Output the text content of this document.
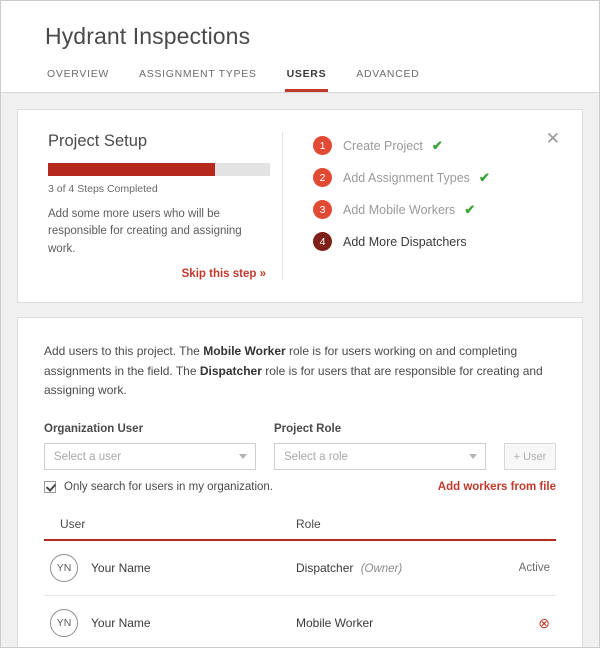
Hydrant Inspections
OVERVIEW	ASSIGNMENT TYPES	USERS	ADVANCED
Project Setup
3 of 4 Steps Completed

Add some more users who will be responsible for creating and assigning work.

Skip this step »
1	Create Project ✔
2	Add Assignment Types ✔
3	Add Mobile Workers ✔
4	Add More Dispatchers
✕

Add users to this project. The Mobile Worker role is for users working on and completing assignments in the field. The Dispatcher role is for users that are responsible for creating and assigning work.

Organization User
Select a user
Project Role
Select a role	+ User
Only search for users in my organization.	Add workers from file
User	Role
YN	Your Name	Dispatcher (Owner)	Active
YN	Your Name	Mobile Worker	⊗
